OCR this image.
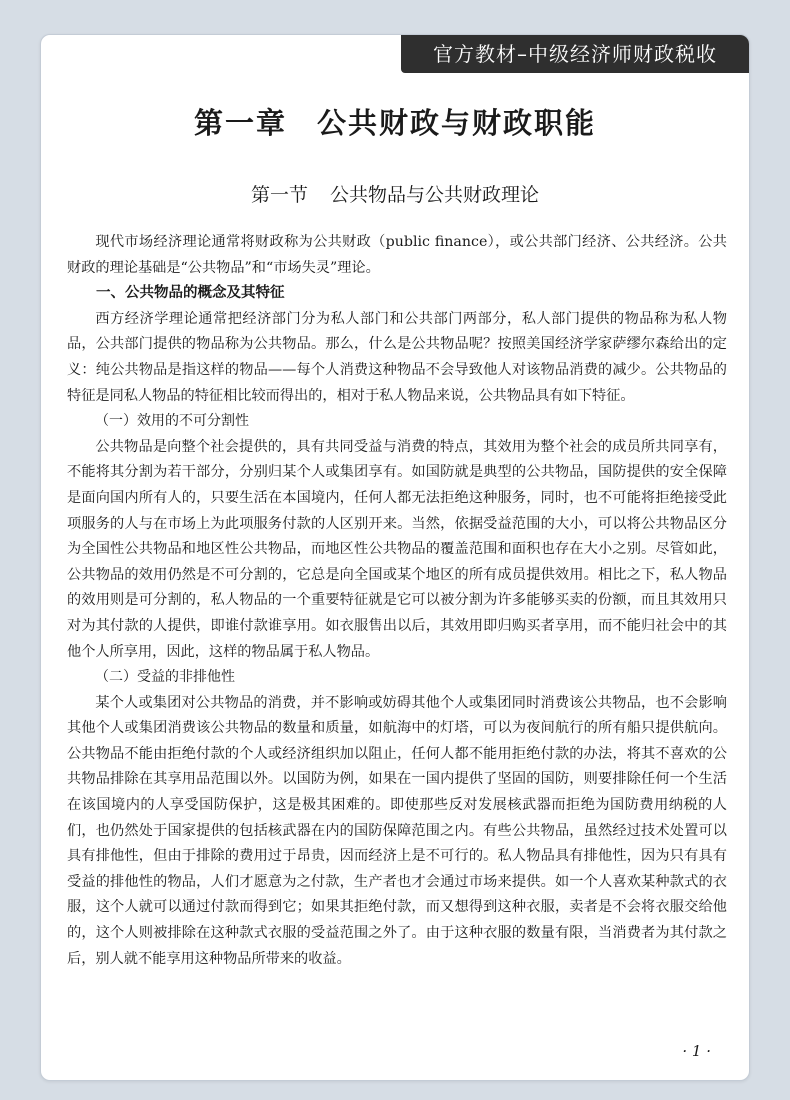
官方教材–中级经济师财政税收
第一章 公共财政与财政职能
第一节 公共物品与公共财政理论

现代市场经济理论通常将财政称为公共财政（public finance），或公共部门经济、公共经济。公共财政的理论基础是“公共物品”和“市场失灵”理论。

一、公共物品的概念及其特征

西方经济学理论通常把经济部门分为私人部门和公共部门两部分，私人部门提供的物品称为私人物品，公共部门提供的物品称为公共物品。那么，什么是公共物品呢？按照美国经济学家萨缪尔森给出的定义：纯公共物品是指这样的物品——每个人消费这种物品不会导致他人对该物品消费的减少。公共物品的特征是同私人物品的特征相比较而得出的，相对于私人物品来说，公共物品具有如下特征。

（一）效用的不可分割性

公共物品是向整个社会提供的，具有共同受益与消费的特点，其效用为整个社会的成员所共同享有，不能将其分割为若干部分，分别归某个人或集团享有。如国防就是典型的公共物品，国防提供的安全保障是面向国内所有人的，只要生活在本国境内，任何人都无法拒绝这种服务，同时，也不可能将拒绝接受此项服务的人与在市场上为此项服务付款的人区别开来。当然，依据受益范围的大小，可以将公共物品区分为全国性公共物品和地区性公共物品，而地区性公共物品的覆盖范围和面积也存在大小之别。尽管如此，公共物品的效用仍然是不可分割的，它总是向全国或某个地区的所有成员提供效用。相比之下，私人物品的效用则是可分割的，私人物品的一个重要特征就是它可以被分割为许多能够买卖的份额，而且其效用只对为其付款的人提供，即谁付款谁享用。如衣服售出以后，其效用即归购买者享用，而不能归社会中的其他个人所享用，因此，这样的物品属于私人物品。

（二）受益的非排他性

某个人或集团对公共物品的消费，并不影响或妨碍其他个人或集团同时消费该公共物品，也不会影响其他个人或集团消费该公共物品的数量和质量，如航海中的灯塔，可以为夜间航行的所有船只提供航向。公共物品不能由拒绝付款的个人或经济组织加以阻止，任何人都不能用拒绝付款的办法，将其不喜欢的公共物品排除在其享用品范围以外。以国防为例，如果在一国内提供了坚固的国防，则要排除任何一个生活在该国境内的人享受国防保护，这是极其困难的。即使那些反对发展核武器而拒绝为国防费用纳税的人们，也仍然处于国家提供的包括核武器在内的国防保障范围之内。有些公共物品，虽然经过技术处置可以具有排他性，但由于排除的费用过于昂贵，因而经济上是不可行的。私人物品具有排他性，因为只有具有受益的排他性的物品，人们才愿意为之付款，生产者也才会通过市场来提供。如一个人喜欢某种款式的衣服，这个人就可以通过付款而得到它；如果其拒绝付款，而又想得到这种衣服，卖者是不会将衣服交给他的，这个人则被排除在这种款式衣服的受益范围之外了。由于这种衣服的数量有限，当消费者为其付款之后，别人就不能享用这种物品所带来的收益。

· 1 ·
